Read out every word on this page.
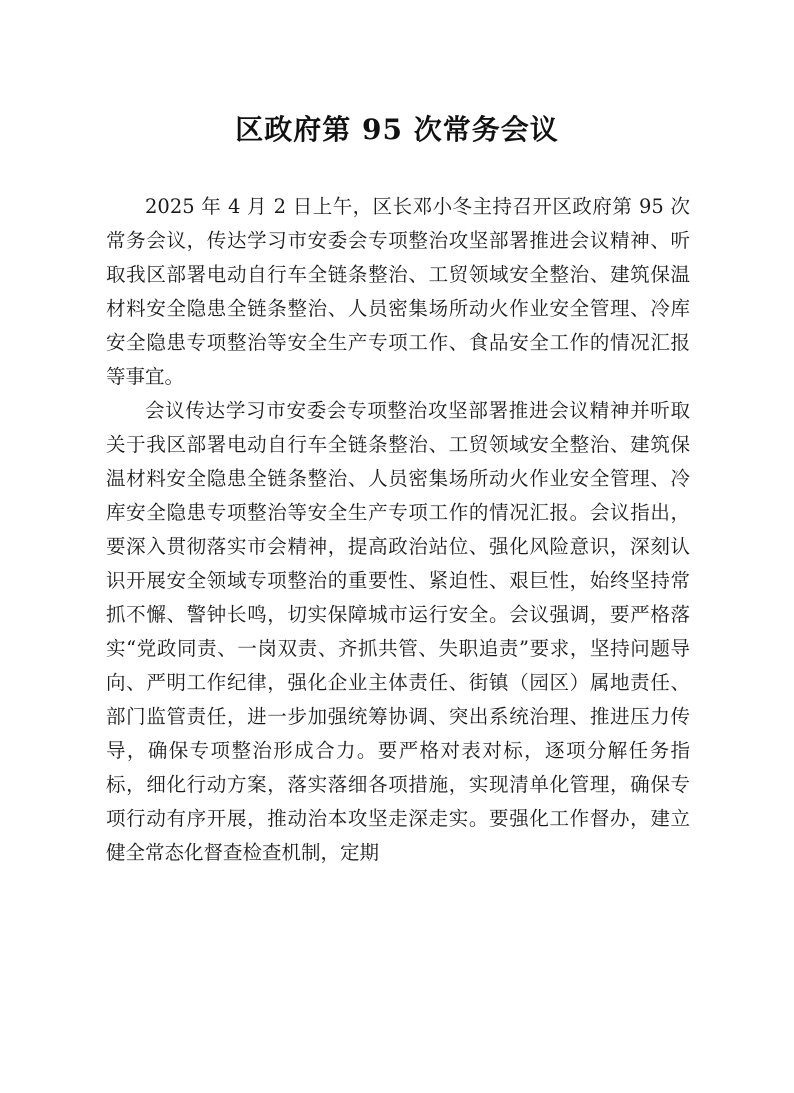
区政府第 95 次常务会议

2025 年 4 月 2 日上午，区长邓小冬主持召开区政府第 95 次常务会议，传达学习市安委会专项整治攻坚部署推进会议精神、听取我区部署电动自行车全链条整治、工贸领域安全整治、建筑保温材料安全隐患全链条整治、人员密集场所动火作业安全管理、冷库安全隐患专项整治等安全生产专项工作、食品安全工作的情况汇报等事宜。

会议传达学习市安委会专项整治攻坚部署推进会议精神并听取关于我区部署电动自行车全链条整治、工贸领域安全整治、建筑保温材料安全隐患全链条整治、人员密集场所动火作业安全管理、冷库安全隐患专项整治等安全生产专项工作的情况汇报。会议指出，要深入贯彻落实市会精神，提高政治站位、强化风险意识，深刻认识开展安全领域专项整治的重要性、紧迫性、艰巨性，始终坚持常抓不懈、警钟长鸣，切实保障城市运行安全。会议强调，要严格落实“党政同责、一岗双责、齐抓共管、失职追责”要求，坚持问题导向、严明工作纪律，强化企业主体责任、街镇（园区）属地责任、部门监管责任，进一步加强统筹协调、突出系统治理、推进压力传导，确保专项整治形成合力。要严格对表对标，逐项分解任务指标，细化行动方案，落实落细各项措施，实现清单化管理，确保专项行动有序开展，推动治本攻坚走深走实。要强化工作督办，建立健全常态化督查检查机制，定期
